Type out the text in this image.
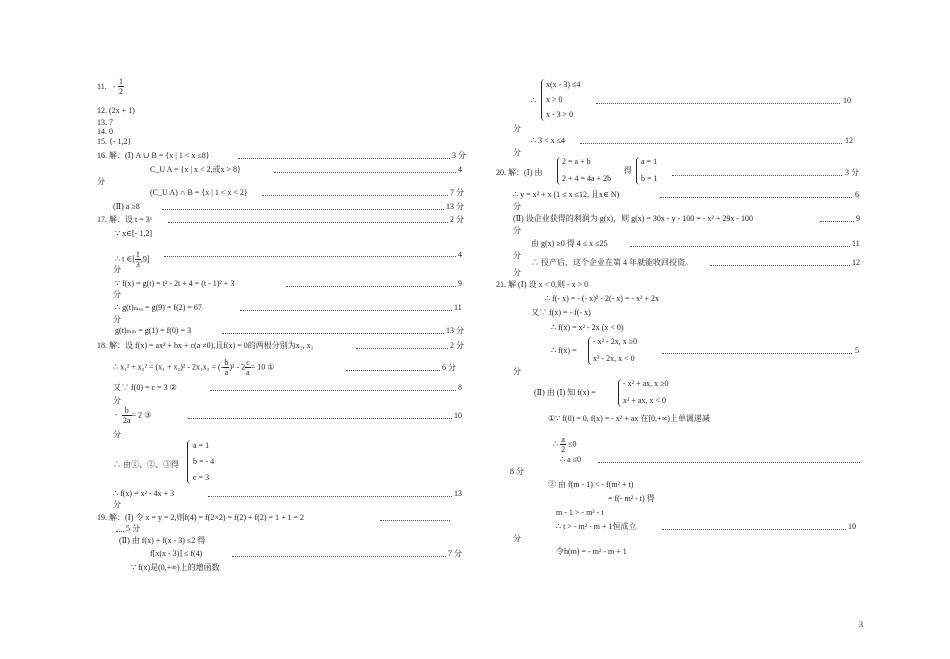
11. - $\frac{1}{2}$
12. (2x + 1)
13. 7
14. 0
15. {- 1,2}
16. 解：(Ⅰ) A ∪ B = {x | 1 < x ≤8}	3 分
C_U A = {x | x < 2,或x > 8}	4
分
(C_U A) ∩ B = {x | 1 < x < 2}	7 分
(Ⅱ) a ≥8	13 分
17. 解：设 t = 3ˣ	2 分
∵ x∈[- 1,2]
∴ t ∈[ $\frac{1}{3} ,9$]	4
分
∵ f(x) = g(t) = t² - 2t + 4 = (t - 1)² + 3	9
分
∴ g(t)ₘₐₓ = g(9) = f(2) = 67	11
分
g(t)ₘᵢₙ = g(1) = f(0) = 3	13 分
18. 解：设 f(x) = ax² + bx + c(a ≠0),且f(x) = 0的两根分别为x₁, x₂	2 分
∴ x₁² + x₂² = (x₁ + x₂)² - 2x₁x₂ = (- $\frac{b}{a} )^2 - 2 \frac{c}{a} = 10$ ①	6 分
又∵ f(0) = c = 3 ②	8
分
- $\frac{b}{2a} = 2$ ③	10
分
∴ 由①、②、③得
a = 1
b = - 4
c = 3
∴ f(x) = x² - 4x + 3	13
分
19. 解：(Ⅰ) 令 x = y = 2,则f(4) = f(2×2) = f(2) + f(2) = 1 + 1 = 2
5 分
(Ⅱ) 由 f(x) + f(x - 3) ≤2 得
f[x(x - 3)] ≤ f(4)	7 分
∵ f(x)是(0,+∞)上的增函数
∴
x(x - 3) ≤4
x > 0
x - 3 > 0
10
分
∴ 3 < x ≤4	12
分
20. 解：(Ⅰ) 由
2 = a + b
2 + 4 = 4a + 2b
得
a = 1
b = 1
3 分
∴ y = x² + x (1 ≤ x ≤12, 且x∈ N)	6
分
(Ⅱ) 设企业获得的利润为 g(x)，则 g(x) = 30x - y - 100 = - x² + 29x - 100	9
分
由 g(x) ≥0 得 4 ≤ x ≤25	11
分
∴ 投产后，这个企业在第 4 年就能收回投资。	12
分
21. 解 (Ⅰ) 设 x < 0,则 - x > 0
∴ f(- x) = - (- x)² - 2(- x) = - x² + 2x
又∵ f(x) = - f(- x)
∴ f(x) = x² - 2x (x < 0)
∴ f(x) =
- x² - 2x, x ≥0
x² - 2x, x < 0
5
分
(Ⅱ) 由 (Ⅰ) 知 f(x) =
- x² + ax, x ≥0
x² + ax, x < 0
①∵ f(0) = 0, f(x) = - x² + ax 在[0,+∞)上单调递减
∴ $\frac{a}{2} \le 0$
∴ a ≤0
8 分
② 由 f(m - 1) < - f(m² + t)
= f(- m² - t) 得
m - 1 > - m² - t
∴ t > - m² - m + 1恒成立	10
分
令h(m) = - m² - m + 1
3
